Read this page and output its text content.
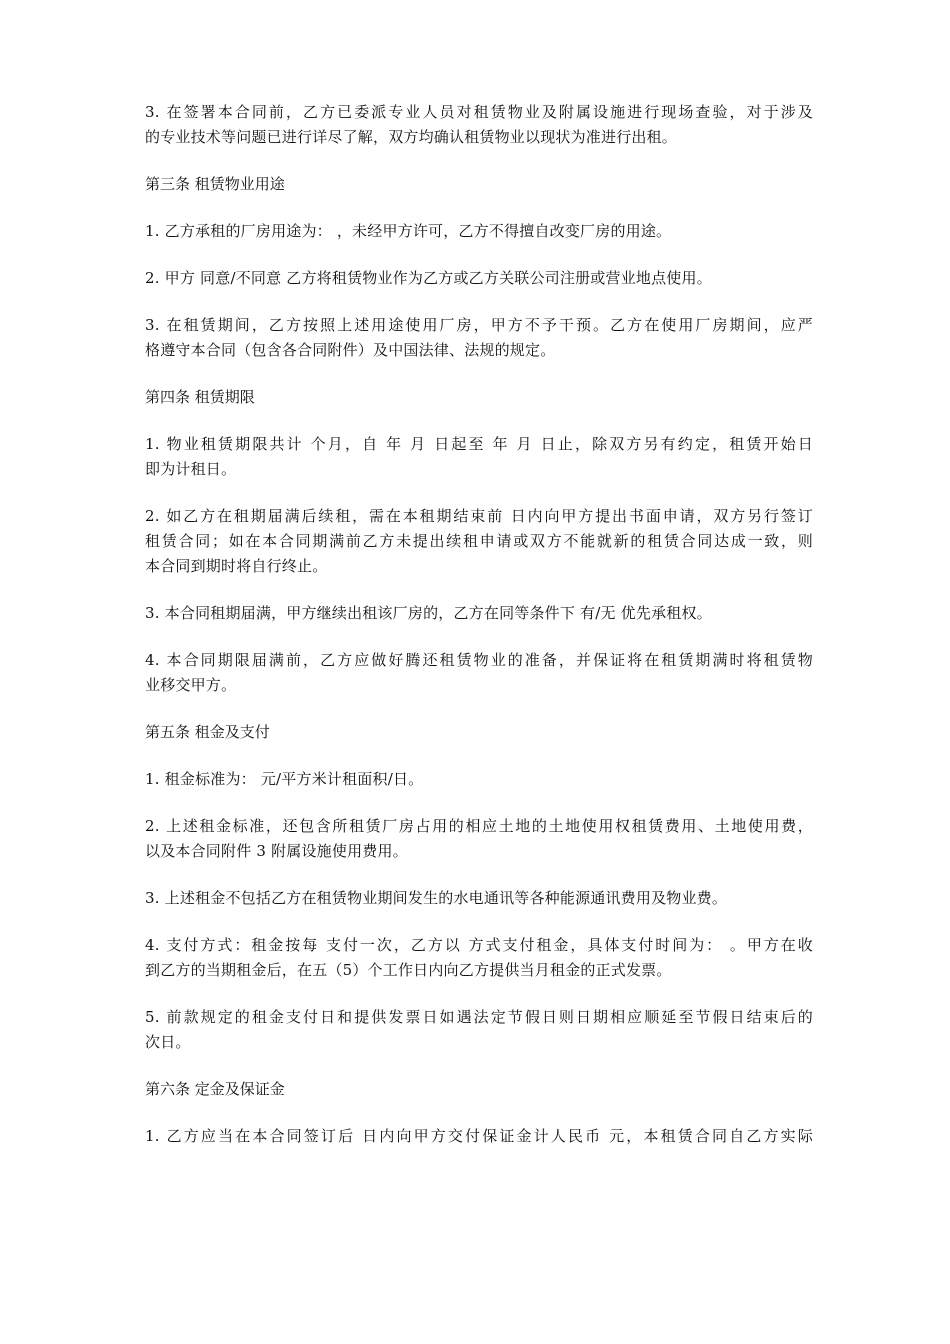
3. 在签署本合同前，乙方已委派专业人员对租赁物业及附属设施进行现场查验，对于涉及
的专业技术等问题已进行详尽了解，双方均确认租赁物业以现状为准进行出租。

第三条 租赁物业用途

1. 乙方承租的厂房用途为： ，未经甲方许可，乙方不得擅自改变厂房的用途。

2. 甲方 同意/不同意 乙方将租赁物业作为乙方或乙方关联公司注册或营业地点使用。

3. 在租赁期间，乙方按照上述用途使用厂房，甲方不予干预。乙方在使用厂房期间，应严
格遵守本合同（包含各合同附件）及中国法律、法规的规定。

第四条 租赁期限

1. 物业租赁期限共计 个月，自 年 月 日起至 年 月 日止，除双方另有约定，租赁开始日
即为计租日。

2. 如乙方在租期届满后续租，需在本租期结束前 日内向甲方提出书面申请，双方另行签订
租赁合同；如在本合同期满前乙方未提出续租申请或双方不能就新的租赁合同达成一致，则
本合同到期时将自行终止。

3. 本合同租期届满，甲方继续出租该厂房的，乙方在同等条件下 有/无 优先承租权。

4. 本合同期限届满前，乙方应做好腾还租赁物业的准备，并保证将在租赁期满时将租赁物
业移交甲方。

第五条 租金及支付

1. 租金标准为： 元/平方米计租面积/日。

2. 上述租金标准，还包含所租赁厂房占用的相应土地的土地使用权租赁费用、土地使用费，
以及本合同附件 3 附属设施使用费用。

3. 上述租金不包括乙方在租赁物业期间发生的水电通讯等各种能源通讯费用及物业费。

4. 支付方式：租金按每 支付一次，乙方以 方式支付租金，具体支付时间为： 。甲方在收
到乙方的当期租金后，在五（5）个工作日内向乙方提供当月租金的正式发票。

5. 前款规定的租金支付日和提供发票日如遇法定节假日则日期相应顺延至节假日结束后的
次日。

第六条 定金及保证金

1. 乙方应当在本合同签订后 日内向甲方交付保证金计人民币 元，本租赁合同自乙方实际
